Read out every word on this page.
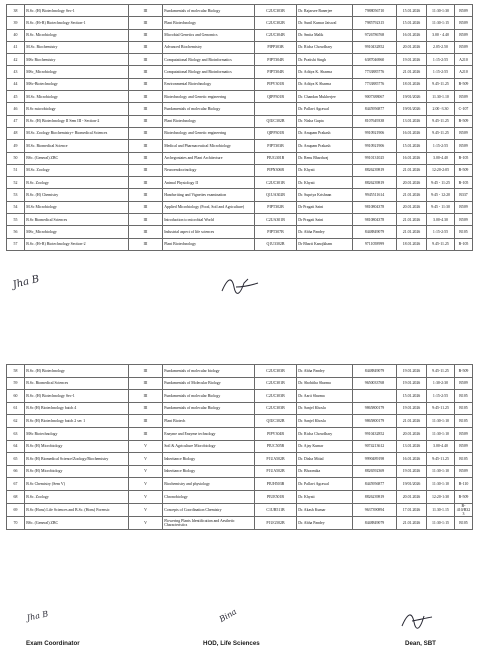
38	B.Sc. (H) Biotechnology Sec-1	III	Fundamentals of molecular Biology	C2UC303B	Dr. Rajarsee Banerjee	7988056710	15.01.2026	11:30-1:30	B509
39	B.Sc. (H+R) Biotechnology Section-1	III	Plant Biotechnology	C2UC302B	Dr. Sunil Kumar Jaiswal	7985792315	15.01.2026	11:30-1:15	B509
40	B.Sc. Microbiology	III	Microbial Genetics and Genomics	C2UC304B	Dr. Smita Malik	9726786768	16.01.2026	3.00 - 4.40	B509
41	M.Sc. Biochemistry	III	Advanced Biochemistry	PIPP303B	Dr. Richa Chowdhary	9910432852	20.01.2026	2.05-2.50	B509
42	MSc Biochemistry	III	Computational Biology and Bioinformatics	PIPT304B	Dr. Pratishi Singh	6387046960	19.01.2026	1:15-2:55	A210
43	MSc_Microbiology	III	Computational Biology and Bioinformatics	PIPT304B	Dr. Aditya K. Sharma	7733885776	21.01.2026	1:15-2:55	A210
44	MSc-Biotechnology	III	Environmental Biotechnology	PIPV301B	Dr. Aditya K Sharma	7733885776	18.01.2026	9.45-11.25	B-509
45	M.Sc. Microbiology	III	Biotechnology and Genetic engineering	QIPP301B	Dr. Chandan Mukherjee	9007388067	19/01/2026	11.30-1.10	B509
46	B.Sc microbiology	III	Fundamentals of molecular Biology		Dr. Pallavi Agrawal	8445956877	19/01/2026	2.00 -3.30	C-107
47	B.Sc. (H) Biotechnology II Sem III - Section-2	III	Plant Biotechnology	QIUC302B	Dr. Nisha Gupta	8107649338	13.01.2026	9.45-11.25	B-509
48	M.Sc. Zoology Biochemistry+ Biomedical Sciences	III	Biotechnology and Genetic engineering	QIPP301B	Dr. Anupam Prakash	9910921906	16.01.2026	9.45-11.25	B509
49	M.Sc. Biomedical Science	III	Medical and Pharmaceutical Microbiology	PIPT303B	Dr. Anupam Prakash	9910921906	15.01.2026	1:15-2:55	B509
50	BSc. (General) ZBC	III	Archegoniates and Plant Architecture	PIUG301B	Dr. Renu Bhardwaj	9910131025	16.01.2026	3.00-4.40	B-105
51	M.Sc. Zoology	III	Neuroendocrinology	PIPN306B	Dr. Khyati	8826239819	21.01.2026	12:20-2:05	B-509
52	B.Sc. Zoology	III	Animal Physiology II	C2UC301B	Dr. Khyati	8826239819	20.01.2026	9:45 - 11:25	B-105
53	B.Sc. (H) Chemistry	III	Handwriting and Vignettes examination	Q1UA302B	Dr. Supriya Krishnan	9945511614	21.01.2026	9:45 - 12:20	B337
54	M.Sc Microbiology	III	Applied Microbiology (Food, Soil and Agriculture)	PIPT302B	Dr Pragati Saini	9810804378	20.01.2026	9:45 - 11:30	B509
55	B.Sc Biomedical Sciences	III	Introduction to microbial World	C2UA301B	Dr Pragati Saini	9810804378	21.01.2026	3.00-4.30	B509
56	MSc_Microbiology	III	Industrial aspect of life sciences	PIPT307B	Dr. Abha Pandey	8448849079	21.01.2026	1:15-2:55	B105
57	B.Sc. (H+R) Biotechnology Section-2	III	Plant Biotechnology	Q1U3302B	Dr Bharti Kanojkham	9711058999	18.01.2026	9.45-11.25	B-105
Jha B
58	B.Sc. (H) Biotechnology	III	Fundamentals of molecular biology	C2UC303B	Dr. Abha Pandey	8448849079	19.01.2026	9.45-11.25	B-509
59	B.Sc. Biomedical Sciences	III	Fundamentals of Molecular Biology	C2UC301B	Dr. Shobitha Sharma	9650033768	19.01.2026	1:30-2:30	B509
60	B.Sc. (H) Biotechnology Sec-1	III	Fundamentals of molecular Biology	C2UC303B	Dr. Aarti Sharma		15.01.2026	1:15-2:55	B105
61	B.Sc (H) Biotechnology batch 4	III	Fundamentals of molecular Biology	C2UC303B	Dr. Sanjel Khosla	9865800179	19.01.2026	9:45-11.25	B105
62	B.Sc (H) Biotechnology batch 2 sec 1	III	Plant Biotech	QIUC302B	Dr. Sanjel Khosla	9865800179	21.01.2026	11:30-1:10	B105
63	MSc Biotechnology	III	Enzyme and Enzyme technology	PIPV304B	Dr. Richa Chowdhary	9910432852	20.01.2026	11:30-1:10	B509
64	B.Sc (H) Microbiology	V	Soil & Agriculture Microbiology	PIUC505B	Dr. Ajay Kumar	9074213612	13.01.2026	3.00-4.40	B509
65	B.Sc (H) Biomedical Science/Zoology/Biochemistry	V	Inheritance Biology	P1UA502B	Dr. Disha Mittal	9990489198	16.01.2026	9:45-11.25	B105
66	B.Sc (H) Microbiology	V	Inheritance Biology	P1UA502B	Dr. Bhoomika	8826592369	19.01.2026	11:30-1:10	B509
67	B.Sc Chemistry (Sem V)	V	Biochemistry and physiology	PIUH503B	Dr. Pallavi Agrawal	8445956877	19/01/2026	11:30-1:10	B-110
68	B.Sc. Zoology	V	Chronobiology	PIUE501B	Dr. Khyati	8826239819	20.01.2026	12:20-1:30	B-509
69	B.Sc (Hons) Life Sciences and B.Sc. (Hons) Forensic	V	Concepts of Coordination Chemistry	C1UB511B	Dr. Akash Kumar	9637390894	17.01.2026	11.30-1.15	B-410/B323
70	BSc. (General) ZBC	V	Flowering Plants Identification and Aesthetic Characteristics	P1UG502B	Dr. Abha Pandey	8448849079	21.01.2026	11:30-1:15	B105
Jha B	Bina
Exam Coordinator	HOD, Life Sciences	Dean, SBT
